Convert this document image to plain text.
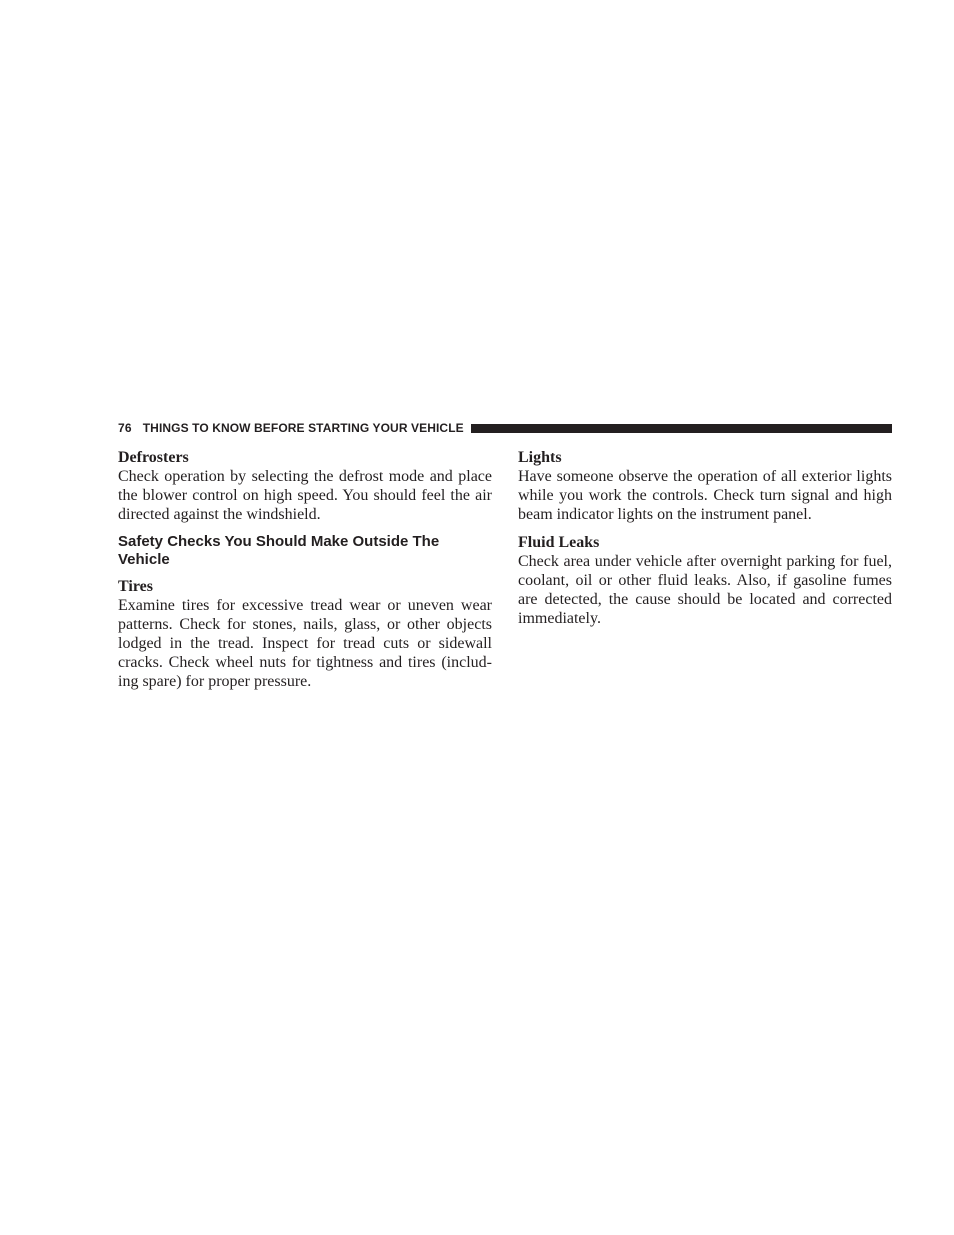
76 THINGS TO KNOW BEFORE STARTING YOUR VEHICLE

Defrosters

Check operation by selecting the defrost mode and place the blower control on high speed. You should feel the air directed against the windshield.

Safety Checks You Should Make Outside The Vehicle

Tires

Examine tires for excessive tread wear or uneven wear patterns. Check for stones, nails, glass, or other objects lodged in the tread. Inspect for tread cuts or sidewall cracks. Check wheel nuts for tightness and tires (includ-ing spare) for proper pressure.

Lights

Have someone observe the operation of all exterior lights while you work the controls. Check turn signal and high beam indicator lights on the instrument panel.

Fluid Leaks

Check area under vehicle after overnight parking for fuel, coolant, oil or other fluid leaks. Also, if gasoline fumes are detected, the cause should be located and corrected immediately.
